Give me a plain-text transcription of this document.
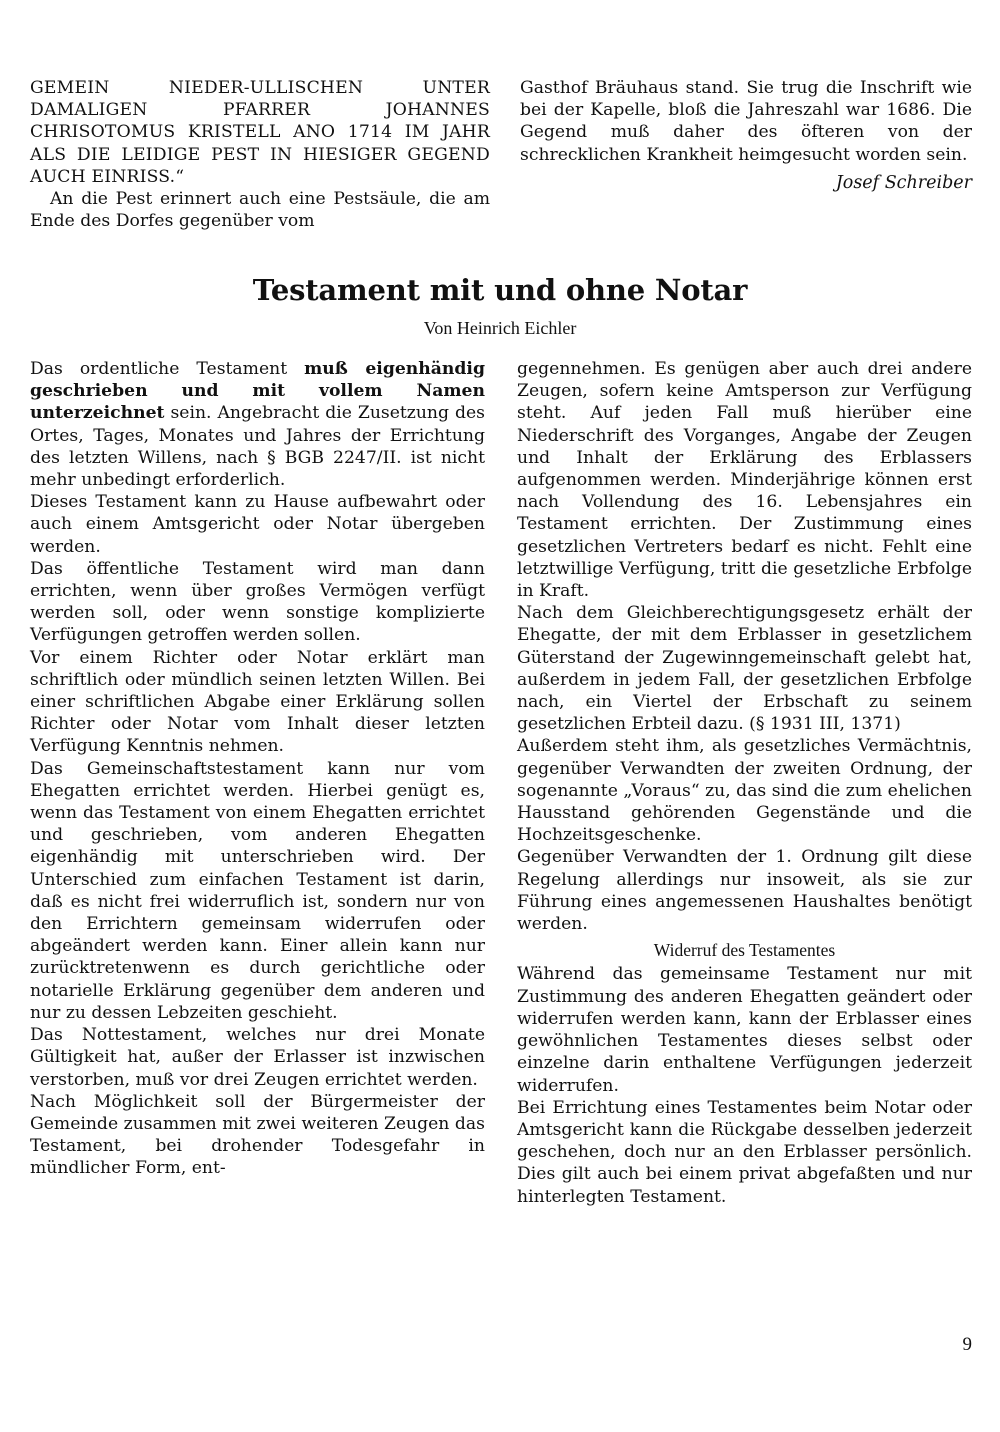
GEMEIN NIEDER-ULLISCHEN UNTER DAMALIGEN PFARRER JOHANNES CHRISOTOMUS KRISTELL ANO 1714 IM JAHR ALS DIE LEIDIGE PEST IN HIESIGER GEGEND AUCH EINRISS.“

An die Pest erinnert auch eine Pestsäule, die am Ende des Dorfes gegenüber vom

Gasthof Bräuhaus stand. Sie trug die Inschrift wie bei der Kapelle, bloß die Jahreszahl war 1686. Die Gegend muß daher des öfteren von der schrecklichen Krankheit heimgesucht worden sein.

Josef Schreiber

Testament mit und ohne Notar
Von Heinrich Eichler

Das ordentliche Testament muß eigenhändig geschrieben und mit vollem Namen unterzeichnet sein. Angebracht die Zusetzung des Ortes, Tages, Monates und Jahres der Errichtung des letzten Willens, nach § BGB 2247/II. ist nicht mehr unbedingt erforderlich.

Dieses Testament kann zu Hause aufbewahrt oder auch einem Amtsgericht oder Notar übergeben werden.

Das öffentliche Testament wird man dann errichten, wenn über großes Vermögen verfügt werden soll, oder wenn sonstige komplizierte Verfügungen getroffen werden sollen.

Vor einem Richter oder Notar erklärt man schriftlich oder mündlich seinen letzten Willen. Bei einer schriftlichen Abgabe einer Erklärung sollen Richter oder Notar vom Inhalt dieser letzten Verfügung Kenntnis nehmen.

Das Gemeinschaftstestament kann nur vom Ehegatten errichtet werden. Hierbei genügt es, wenn das Testament von einem Ehegatten errichtet und geschrieben, vom anderen Ehegatten eigenhändig mit unterschrieben wird. Der Unterschied zum einfachen Testament ist darin, daß es nicht frei widerruflich ist, sondern nur von den Errichtern gemeinsam widerrufen oder abgeändert werden kann. Einer allein kann nur zurücktretenwenn es durch gerichtliche oder notarielle Erklärung gegenüber dem anderen und nur zu dessen Lebzeiten geschieht.

Das Nottestament, welches nur drei Monate Gültigkeit hat, außer der Erlasser ist inzwischen verstorben, muß vor drei Zeugen errichtet werden.

Nach Möglichkeit soll der Bürgermeister der Gemeinde zusammen mit zwei weiteren Zeugen das Testament, bei drohender Todesgefahr in mündlicher Form, ent-

gegennehmen. Es genügen aber auch drei andere Zeugen, sofern keine Amtsperson zur Verfügung steht. Auf jeden Fall muß hierüber eine Niederschrift des Vorganges, Angabe der Zeugen und Inhalt der Erklärung des Erblassers aufgenommen werden. Minderjährige können erst nach Vollendung des 16. Lebensjahres ein Testament errichten. Der Zustimmung eines gesetzlichen Vertreters bedarf es nicht. Fehlt eine letztwillige Verfügung, tritt die gesetzliche Erbfolge in Kraft.

Nach dem Gleichberechtigungsgesetz erhält der Ehegatte, der mit dem Erblasser in gesetzlichem Güterstand der Zugewinngemeinschaft gelebt hat, außerdem in jedem Fall, der gesetzlichen Erbfolge nach, ein Viertel der Erbschaft zu seinem gesetzlichen Erbteil dazu. (§ 1931 III, 1371)

Außerdem steht ihm, als gesetzliches Vermächtnis, gegenüber Verwandten der zweiten Ordnung, der sogenannte „Voraus“ zu, das sind die zum ehelichen Hausstand gehörenden Gegenstände und die Hochzeitsgeschenke.

Gegenüber Verwandten der 1. Ordnung gilt diese Regelung allerdings nur insoweit, als sie zur Führung eines angemessenen Haushaltes benötigt werden.

Widerruf des Testamentes

Während das gemeinsame Testament nur mit Zustimmung des anderen Ehegatten geändert oder widerrufen werden kann, kann der Erblasser eines gewöhnlichen Testamentes dieses selbst oder einzelne darin enthaltene Verfügungen jederzeit widerrufen.

Bei Errichtung eines Testamentes beim Notar oder Amtsgericht kann die Rückgabe desselben jederzeit geschehen, doch nur an den Erblasser persönlich. Dies gilt auch bei einem privat abgefaßten und nur hinterlegten Testament.

9
